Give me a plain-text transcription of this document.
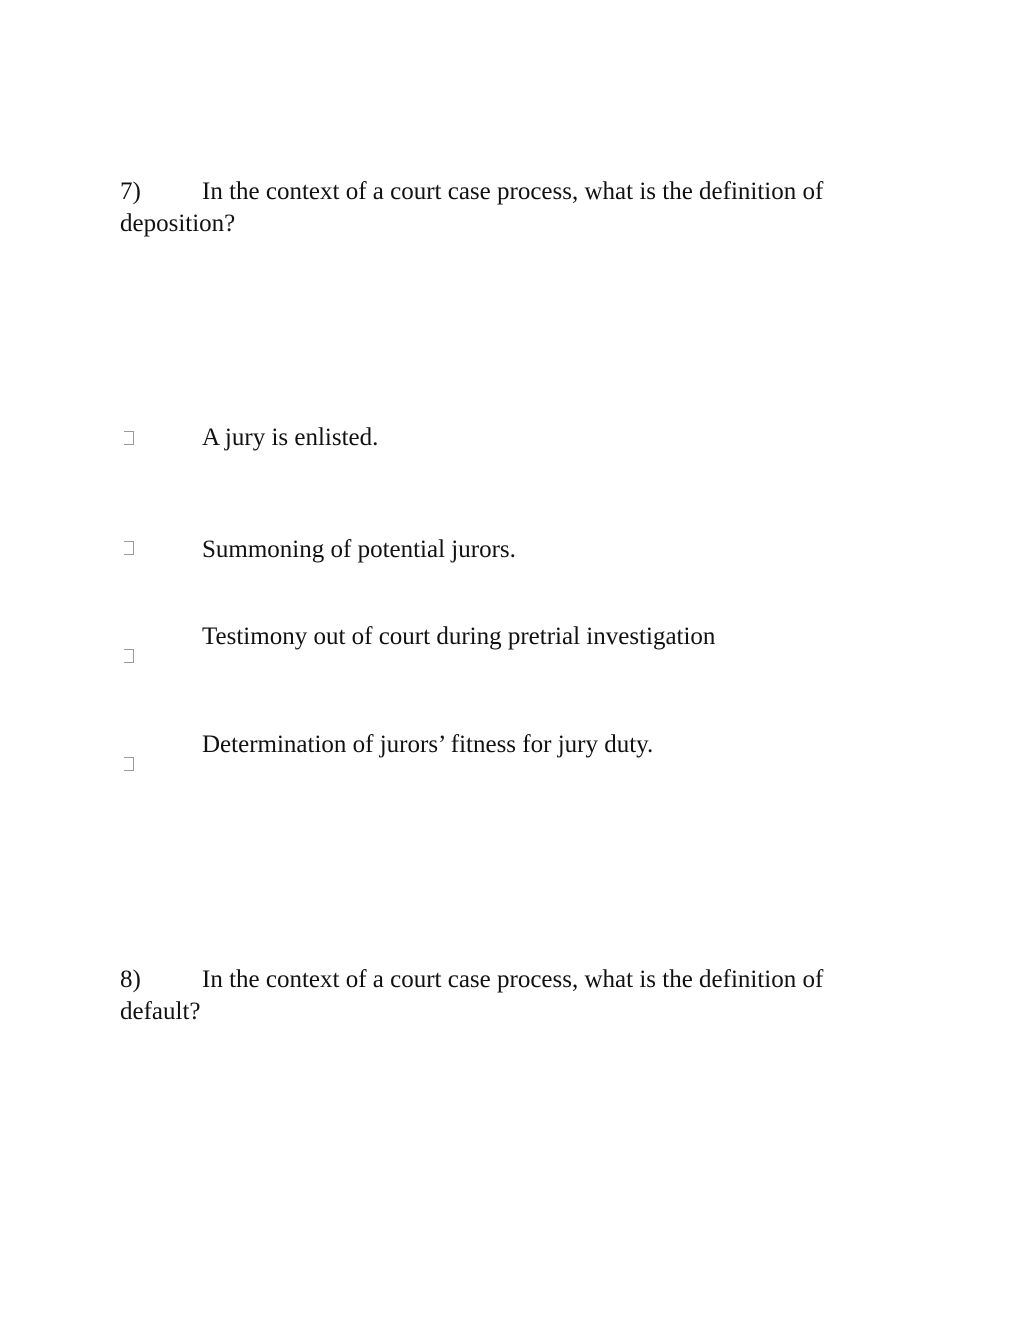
7) In the context of a court case process, what is the definition of deposition?

A jury is enlisted.

Summoning of potential jurors.

Testimony out of court during pretrial investigation

Determination of jurors’ fitness for jury duty.

8) In the context of a court case process, what is the definition of default?
